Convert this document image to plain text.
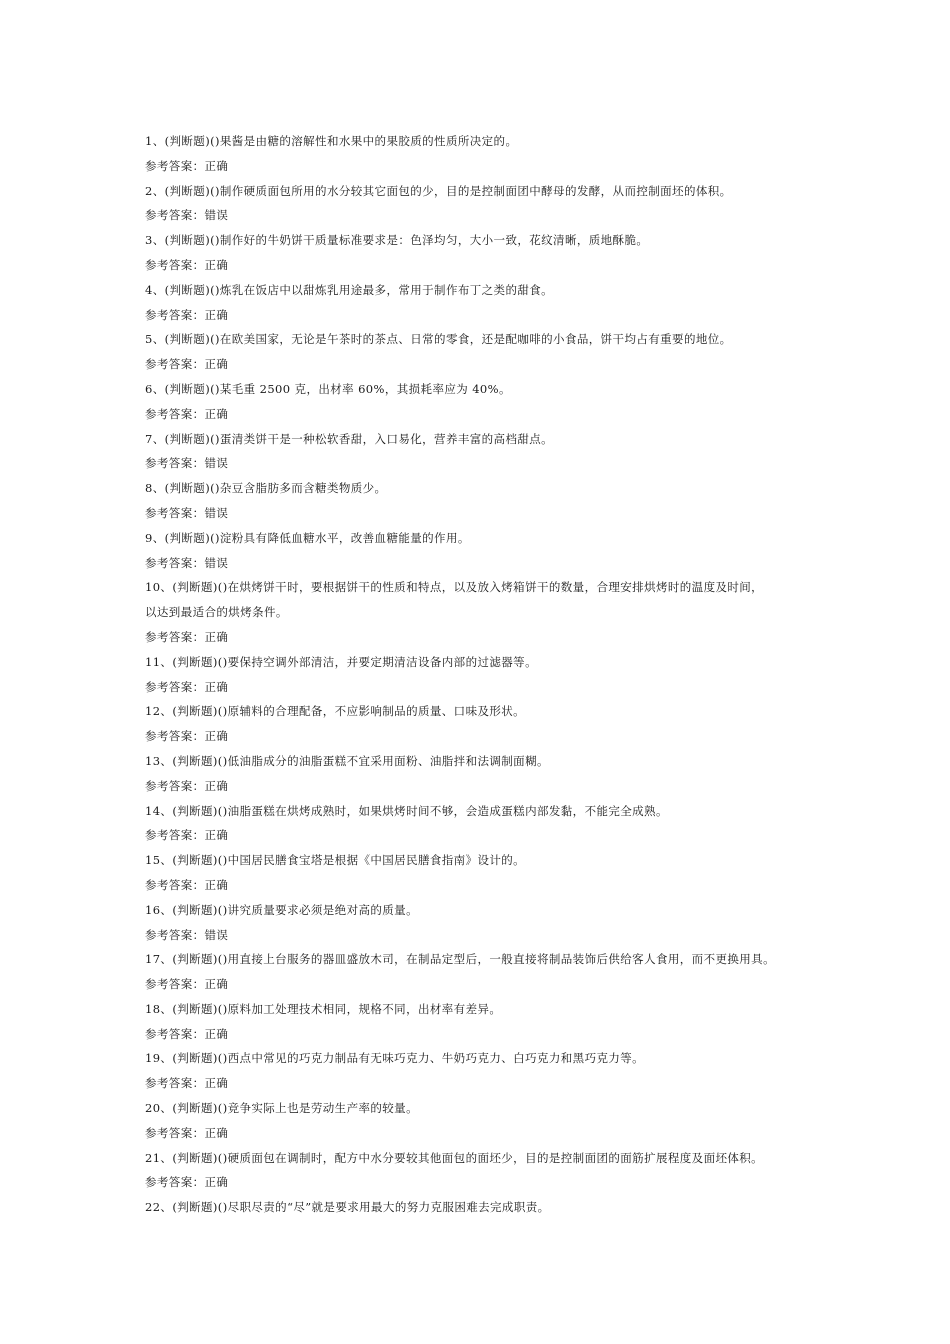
1、(判断题)()果酱是由糖的溶解性和水果中的果胶质的性质所决定的。
参考答案：正确
2、(判断题)()制作硬质面包所用的水分较其它面包的少，目的是控制面团中酵母的发酵，从而控制面坯的体积。
参考答案：错误
3、(判断题)()制作好的牛奶饼干质量标准要求是：色泽均匀，大小一致，花纹清晰，质地酥脆。
参考答案：正确
4、(判断题)()炼乳在饭店中以甜炼乳用途最多，常用于制作布丁之类的甜食。
参考答案：正确
5、(判断题)()在欧美国家，无论是午茶时的茶点、日常的零食，还是配咖啡的小食品，饼干均占有重要的地位。
参考答案：正确
6、(判断题)()某毛重 2500 克，出材率 60%，其损耗率应为 40%。
参考答案：正确
7、(判断题)()蛋清类饼干是一种松软香甜，入口易化，营养丰富的高档甜点。
参考答案：错误
8、(判断题)()杂豆含脂肪多而含糖类物质少。
参考答案：错误
9、(判断题)()淀粉具有降低血糖水平，改善血糖能量的作用。
参考答案：错误
10、(判断题)()在烘烤饼干时，要根据饼干的性质和特点，以及放入烤箱饼干的数量，合理安排烘烤时的温度及时间，
以达到最适合的烘烤条件。
参考答案：正确
11、(判断题)()要保持空调外部清洁，并要定期清洁设备内部的过滤器等。
参考答案：正确
12、(判断题)()原辅料的合理配备，不应影响制品的质量、口味及形状。
参考答案：正确
13、(判断题)()低油脂成分的油脂蛋糕不宜采用面粉、油脂拌和法调制面糊。
参考答案：正确
14、(判断题)()油脂蛋糕在烘烤成熟时，如果烘烤时间不够，会造成蛋糕内部发黏，不能完全成熟。
参考答案：正确
15、(判断题)()中国居民膳食宝塔是根据《中国居民膳食指南》设计的。
参考答案：正确
16、(判断题)()讲究质量要求必须是绝对高的质量。
参考答案：错误
17、(判断题)()用直接上台服务的器皿盛放木司，在制品定型后，一般直接将制品装饰后供给客人食用，而不更换用具。
参考答案：正确
18、(判断题)()原料加工处理技术相同，规格不同，出材率有差异。
参考答案：正确
19、(判断题)()西点中常见的巧克力制品有无味巧克力、牛奶巧克力、白巧克力和黑巧克力等。
参考答案：正确
20、(判断题)()竞争实际上也是劳动生产率的较量。
参考答案：正确
21、(判断题)()硬质面包在调制时，配方中水分要较其他面包的面坯少，目的是控制面团的面筋扩展程度及面坯体积。
参考答案：正确
22、(判断题)()尽职尽责的“尽”就是要求用最大的努力克服困难去完成职责。
